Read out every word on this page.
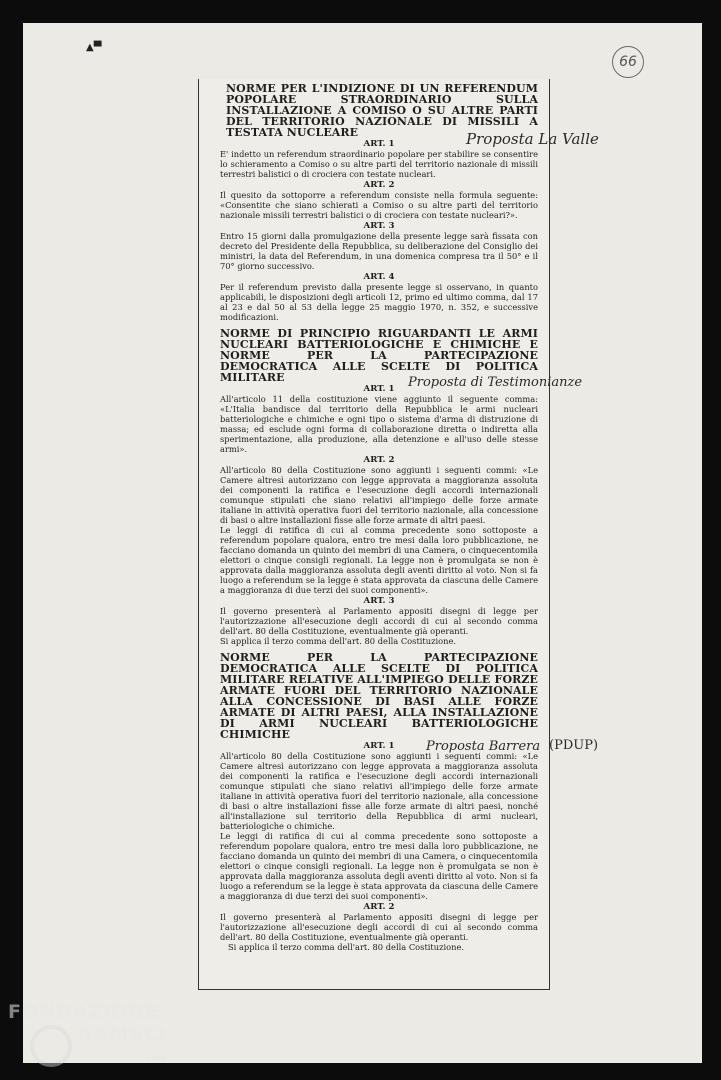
▲▀
66
NORME PER L'INDIZIONE DI UN REFERENDUM POPOLARE STRAORDINARIO SULLA INSTALLAZIONE A COMISO O SU ALTRE PARTI DEL TERRITORIO NAZIONALE DI MISSILI A TESTATA NUCLEARE
ART. 1
E' indetto un referendum straordinario popolare per stabilire se consentire lo schieramento a Comiso o su altre parti del territorio nazionale di missili terrestri balistici o di crociera con testate nucleari.
ART. 2
Il quesito da sottoporre a referendum consiste nella formula seguente: «Consentite che siano schierati a Comiso o su altre parti del territorio nazionale missili terrestri balistici o di crociera con testate nucleari?».
ART. 3
Entro 15 giorni dalla promulgazione della presente legge sarà fissata con decreto del Presidente della Repubblica, su deliberazione del Consiglio dei ministri, la data del Referendum, in una domenica compresa tra il 50° e il 70° giorno successivo.
ART. 4
Per il referendum previsto dalla presente legge si osservano, in quanto applicabili, le disposizioni degli articoli 12, primo ed ultimo comma, dal 17 al 23 e dal 50 al 53 della legge 25 maggio 1970, n. 352, e successive modificazioni.
NORME DI PRINCIPIO RIGUARDANTI LE ARMI NUCLEARI BATTERIOLOGICHE E CHIMICHE E NORME PER LA PARTECIPAZIONE DEMOCRATICA ALLE SCELTE DI POLITICA MILITARE
ART. 1
All'articolo 11 della costituzione viene aggiunto il seguente comma: «L'Italia bandisce dal territorio della Repubblica le armi nucleari batteriologiche e chimiche e ogni tipo o sistema d'arma di distruzione di massa; ed esclude ogni forma di collaborazione diretta o indiretta alla sperimentazione, alla produzione, alla detenzione e all'uso delle stesse armi».
ART. 2
All'articolo 80 della Costituzione sono aggiunti i seguenti commi: «Le Camere altresì autorizzano con legge approvata a maggioranza assoluta dei componenti la ratifica e l'esecuzione degli accordi internazionali comunque stipulati che siano relativi all'impiego delle forze armate italiane in attività operativa fuori del territorio nazionale, alla concessione di basi o altre installazioni fisse alle forze armate di altri paesi.
Le leggi di ratifica di cui al comma precedente sono sottoposte a referendum popolare qualora, entro tre mesi dalla loro pubblicazione, ne facciano domanda un quinto dei membri di una Camera, o cinquecentomila elettori o cinque consigli regionali. La legge non è promulgata se non è approvata dalla maggioranza assoluta degli aventi diritto al voto. Non si fa luogo a referendum se la legge è stata approvata da ciascuna delle Camere a maggioranza di due terzi dei suoi componenti».
ART. 3
Il governo presenterà al Parlamento appositi disegni di legge per l'autorizzazione all'esecuzione degli accordi di cui al secondo comma dell'art. 80 della Costituzione, eventualmente già operanti.
Si applica il terzo comma dell'art. 80 della Costituzione.
NORME PER LA PARTECIPAZIONE DEMOCRATICA ALLE SCELTE DI POLITICA MILITARE RELATIVE ALL'IMPIEGO DELLE FORZE ARMATE FUORI DEL TERRITORIO NAZIONALE ALLA CONCESSIONE DI BASI ALLE FORZE ARMATE DI ALTRI PAESI, ALLA INSTALLAZIONE DI ARMI NUCLEARI BATTERIOLOGICHE CHIMICHE
ART. 1
All'articolo 80 della Costituzione sono aggiunti i seguenti commi: «Le Camere altresì autorizzano con legge approvata a maggioranza assoluta dei componenti la ratifica e l'esecuzione degli accordi internazionali comunque stipulati che siano relativi all'impiego delle forze armate italiane in attività operativa fuori del territorio nazionale, alla concessione di basi o altre installazioni fisse alle forze armate di altri paesi, nonché all'installazione sul territorio della Repubblica di armi nucleari, batteriologiche o chimiche.
Le leggi di ratifica di cui al comma precedente sono sottoposte a referendum popolare qualora, entro tre mesi dalla loro pubblicazione, ne facciano domanda un quinto dei membri di una Camera, o cinquecentomila elettori o cinque consigli regionali. La legge non è promulgata se non è approvata dalla maggioranza assoluta degli aventi diritto al voto. Non si fa luogo a referendum se la legge è stata approvata da ciascuna delle Camere a maggioranza di due terzi dei suoi componenti».
ART. 2
Il governo presenterà al Parlamento appositi disegni di legge per l'autorizzazione all'esecuzione degli accordi di cui al secondo comma dell'art. 80 della Costituzione, eventualmente già operanti.
Si applica il terzo comma dell'art. 80 della Costituzione.
Proposta La Valle
Proposta di Testimonianze
Proposta Barrera (PDUP)
FONDAZIONE
RAMSCI
onlus
